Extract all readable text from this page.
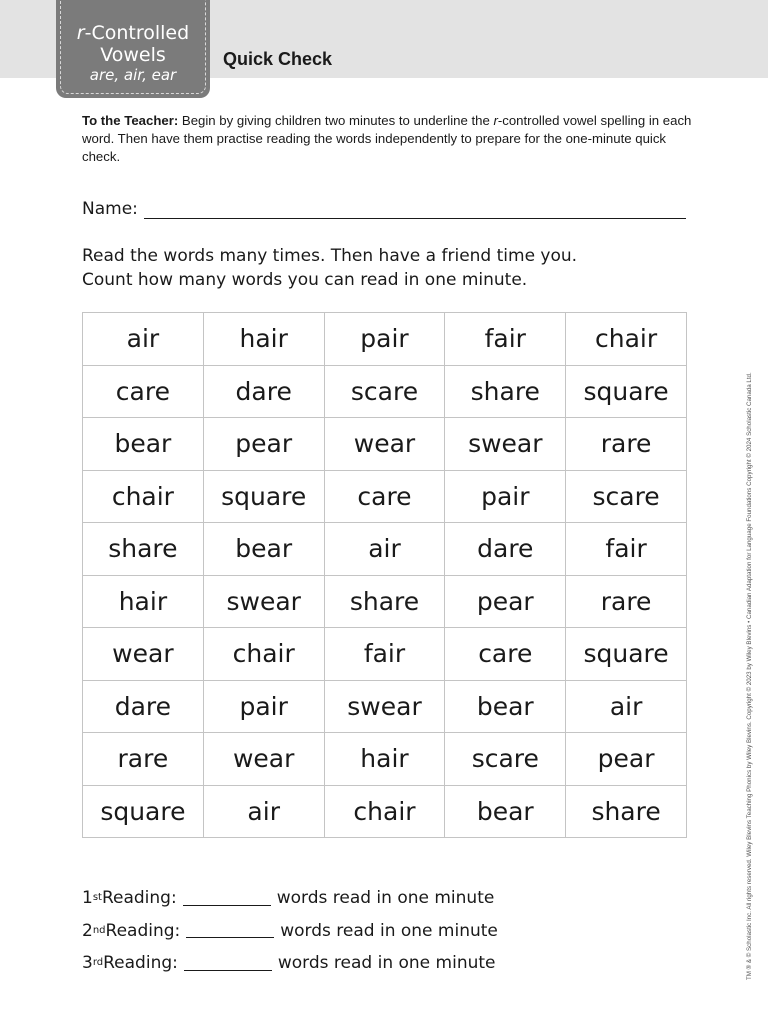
r-Controlled
Vowels
are, air, ear
Quick Check
To the Teacher: Begin by giving children two minutes to underline the r-controlled vowel spelling in each word. Then have them practise reading the words independently to prepare for the one-minute quick check.
Name:
Read the words many times. Then have a friend time you.
Count how many words you can read in one minute.
air	hair	pair	fair	chair
care	dare	scare	share	square
bear	pear	wear	swear	rare
chair	square	care	pair	scare
share	bear	air	dare	fair
hair	swear	share	pear	rare
wear	chair	fair	care	square
dare	pair	swear	bear	air
rare	wear	hair	scare	pear
square	air	chair	bear	share
1 st Reading:	words read in one minute
2 nd Reading:	words read in one minute
3 rd Reading:	words read in one minute	TM ® & © Scholastic Inc. All rights reserved. Wiley Blevins Teaching Phonics by Wiley Blevins. Copyright © 2023 by Wiley Blevins • Canadian Adaptation for Language Foundations Copyright © 2024 Scholastic Canada Ltd.
